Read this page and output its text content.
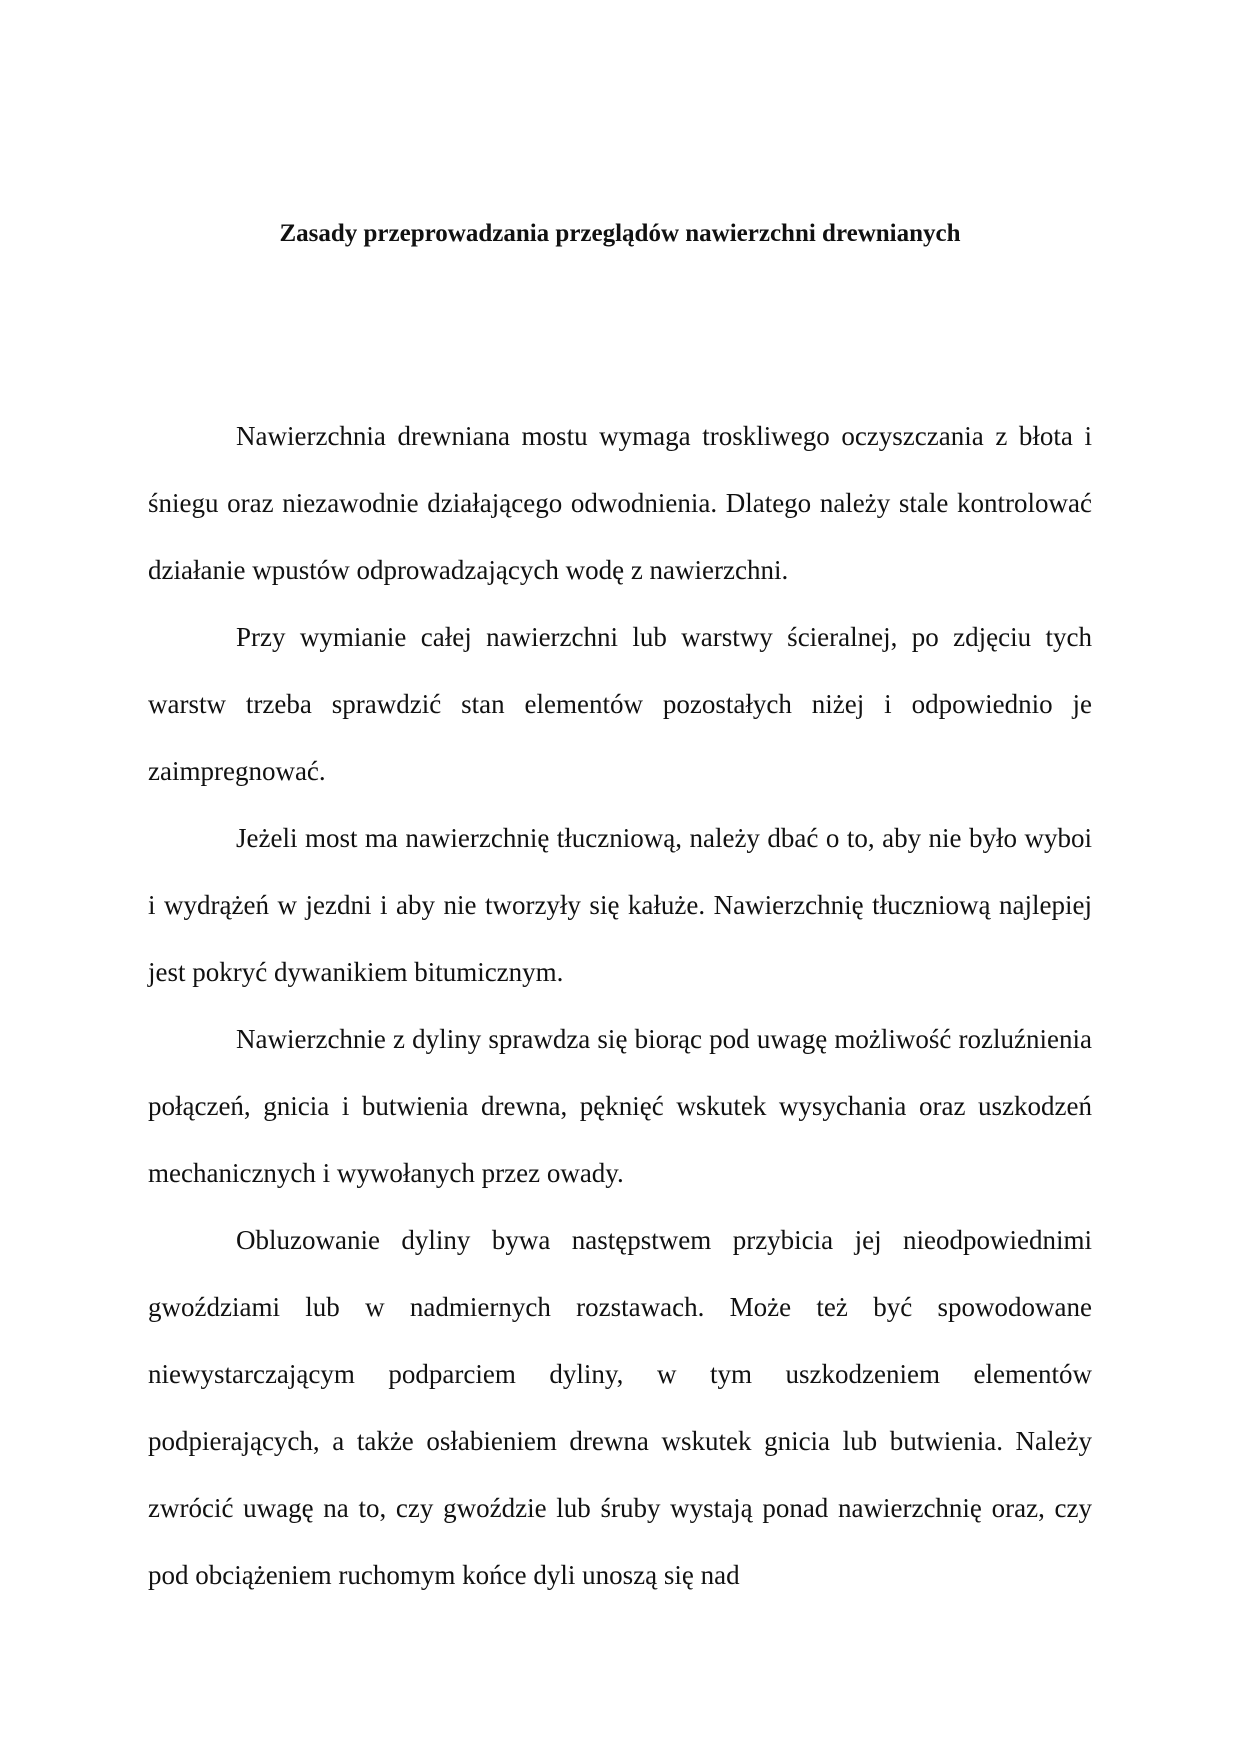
Zasady przeprowadzania przeglądów nawierzchni drewnianych

Nawierzchnia drewniana mostu wymaga troskliwego oczyszczania z błota i śniegu oraz niezawodnie działającego odwodnienia. Dlatego należy stale kontrolować działanie wpustów odprowadzających wodę z nawierzchni.

Przy wymianie całej nawierzchni lub warstwy ścieralnej, po zdjęciu tych warstw trzeba sprawdzić stan elementów pozostałych niżej i odpowiednio je zaimpregnować.

Jeżeli most ma nawierzchnię tłuczniową, należy dbać o to, aby nie było wyboi i wydrążeń w jezdni i aby nie tworzyły się kałuże. Nawierzchnię tłuczniową najlepiej jest pokryć dywanikiem bitumicznym.

Nawierzchnie z dyliny sprawdza się biorąc pod uwagę możliwość rozluźnienia połączeń, gnicia i butwienia drewna, pęknięć wskutek wysychania oraz uszkodzeń mechanicznych i wywołanych przez owady.

Obluzowanie dyliny bywa następstwem przybicia jej nieodpowiednimi gwoździami lub w nadmiernych rozstawach. Może też być spowodowane niewystarczającym podparciem dyliny, w tym uszkodzeniem elementów podpierających, a także osłabieniem drewna wskutek gnicia lub butwienia. Należy zwrócić uwagę na to, czy gwoździe lub śruby wystają ponad nawierzchnię oraz, czy pod obciążeniem ruchomym końce dyli unoszą się nad
